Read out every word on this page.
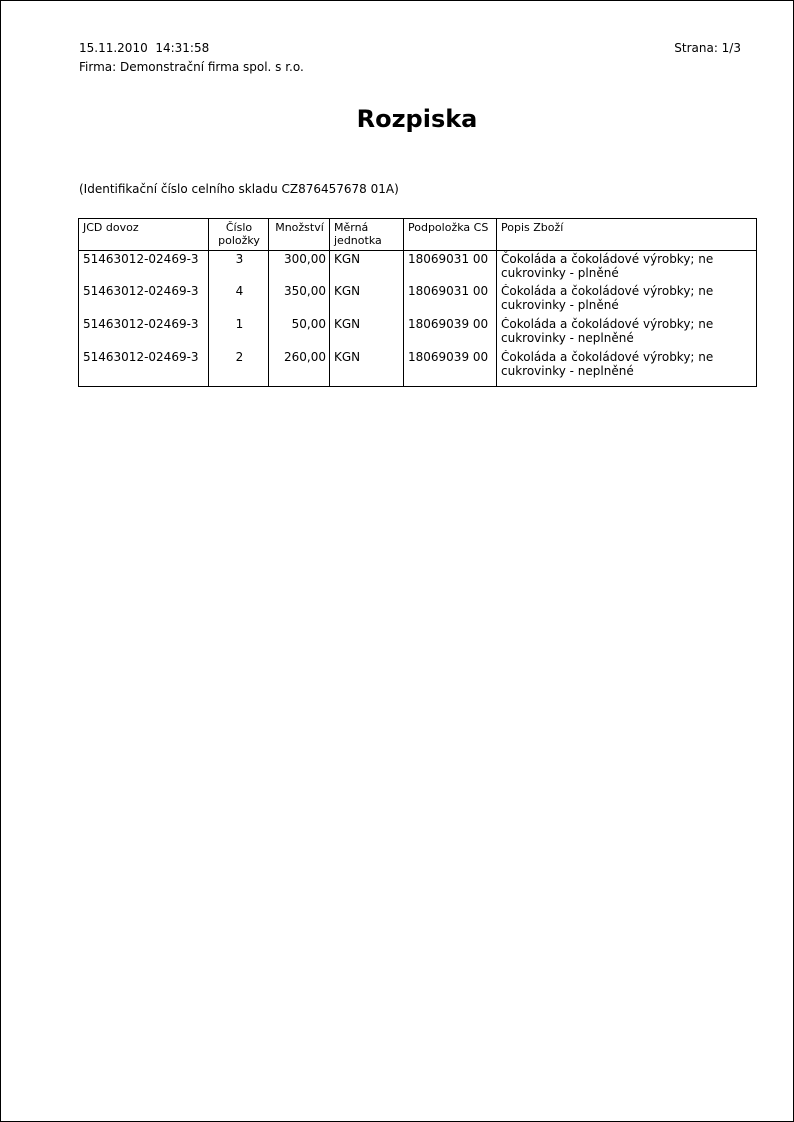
15.11.2010  14:31:58
Firma: Demonstrační firma spol. s r.o.
Strana: 1/3
Rozpiska
(Identifikační číslo celního skladu CZ876457678 01A)
JCD dovoz	Číslo položky	Množství	Měrná jednotka	Podpoložka CS	Popis Zboží
51463012-02469-3	3	300,00	KGN	18069031 00	Čokoláda a čokoládové výrobky; ne cukrovinky - plněné
51463012-02469-3	4	350,00	KGN	18069031 00	Čokoláda a čokoládové výrobky; ne cukrovinky - plněné
51463012-02469-3	1	50,00	KGN	18069039 00	Čokoláda a čokoládové výrobky; ne cukrovinky - neplněné
51463012-02469-3	2	260,00	KGN	18069039 00	Čokoláda a čokoládové výrobky; ne cukrovinky - neplněné
